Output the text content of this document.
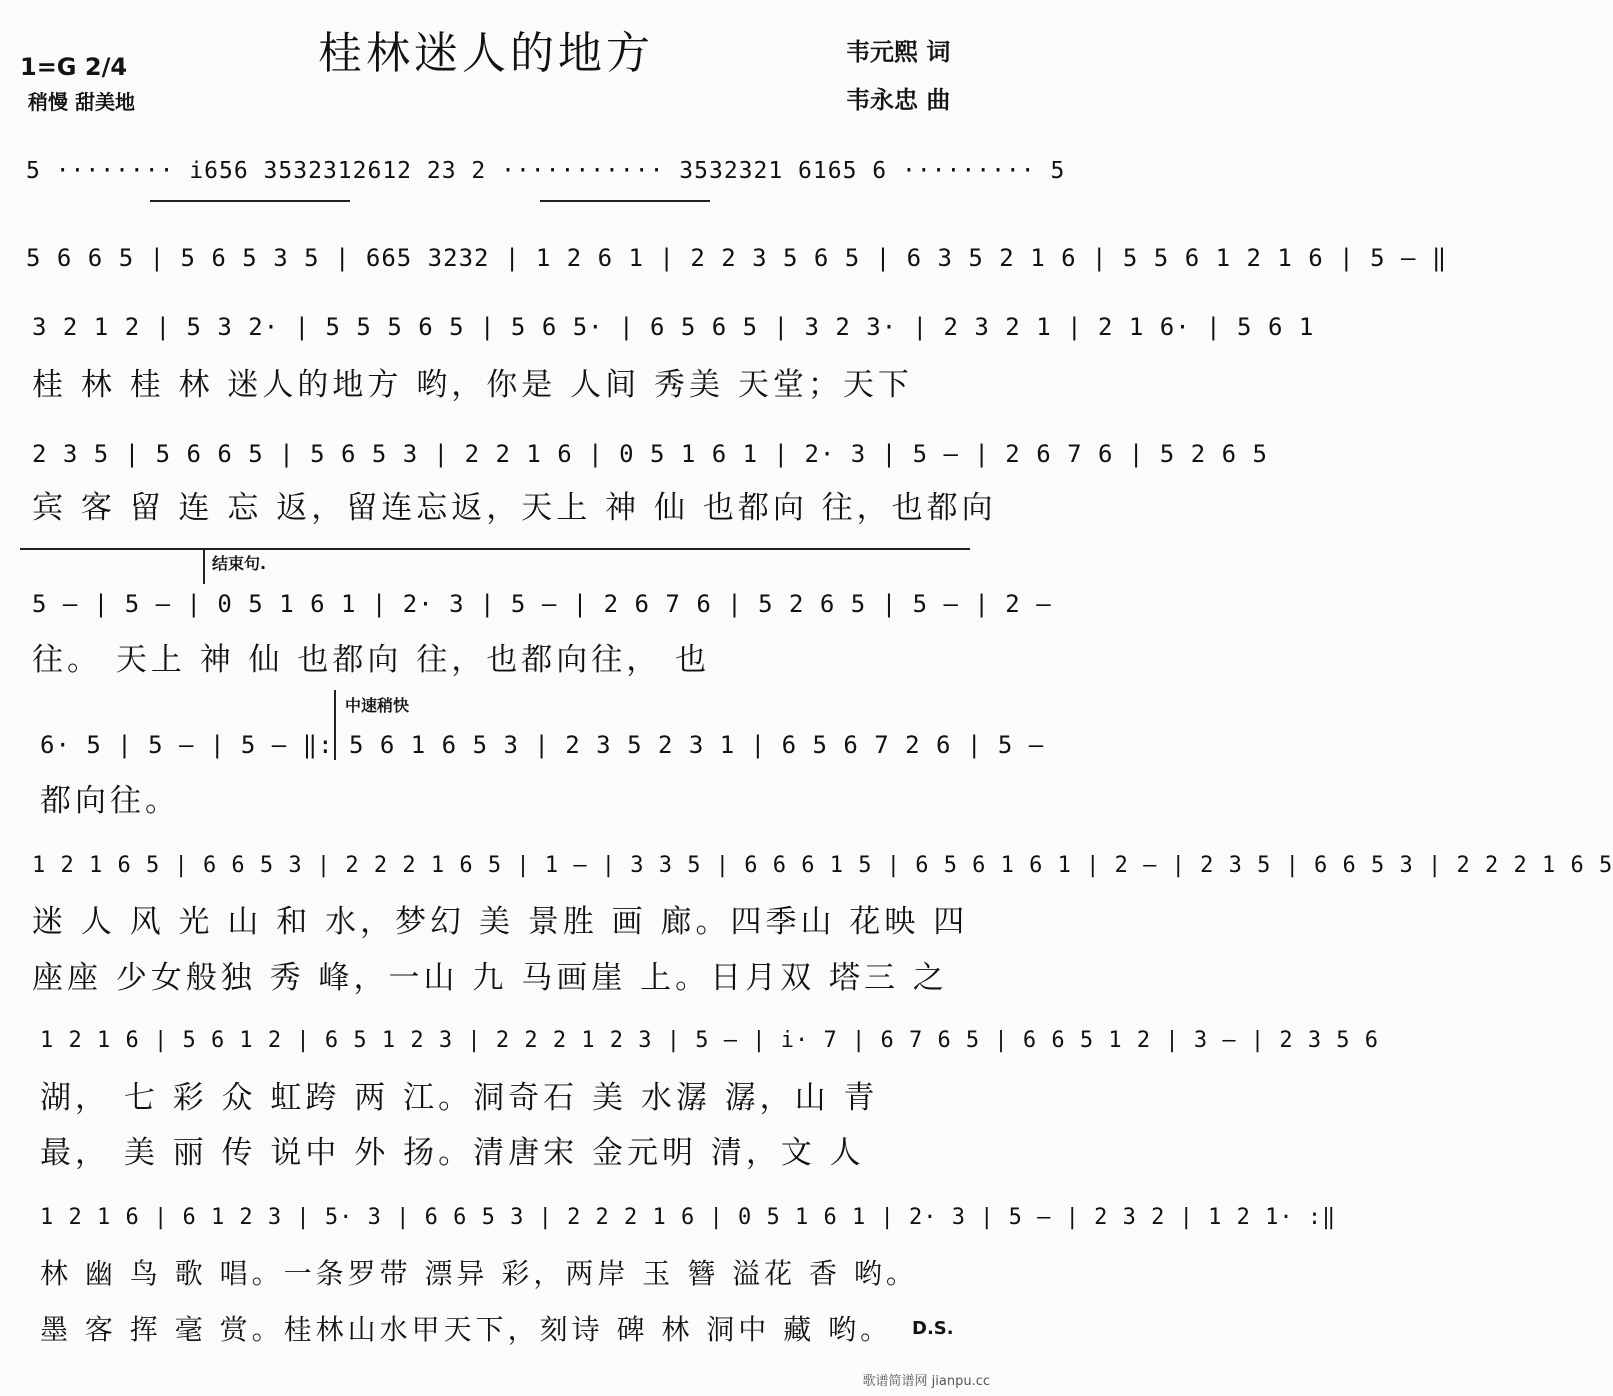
1=G 2/4
稍慢 甜美地
桂林迷人的地方	韦元熙 词
韦永忠 曲
5 ········ i656 3532312612 23 2 ··········· 3532321 6165 6 ········· 5
5 6 6 5 | 5 6 5 3 5 | 665 3232 | 1 2 6 1 | 2 2 3 5 6 5 | 6 3 5 2 1 6 | 5 5 6 1 2 1 6 | 5 — ‖
3 2 1 2 | 5 3 2· | 5 5 5 6 5 | 5 6 5· | 6 5 6 5 | 3 2 3· | 2 3 2 1 | 2 1 6· | 5 6 1
桂 林 桂 林 迷人的地方 哟，你是 人间 秀美 天堂；天下
2 3 5 | 5 6 6 5 | 5 6 5 3 | 2 2 1 6 | 0 5 1 6 1 | 2· 3 | 5 — | 2 6 7 6 | 5 2 6 5
宾 客 留 连 忘 返，留连忘返，天上 神 仙 也都向 往，也都向
结束句.
5 — | 5 — | 0 5 1 6 1 | 2· 3 | 5 — | 2 6 7 6 | 5 2 6 5 | 5 — | 2 —
往。 天上 神 仙 也都向 往，也都向往， 也
中速稍快
6· 5 | 5 — | 5 — ‖: 5 6 1 6 5 3 | 2 3 5 2 3 1 | 6 5 6 7 2 6 | 5 —
都向往。
1 2 1 6 5 | 6 6 5 3 | 2 2 2 1 6 5 | 1 — | 3 3 5 | 6 6 6 1 5 | 6 5 6 1 6 1 | 2 — | 2 3 5 | 6 6 5 3 | 2 2 2 1 6 5
迷 人 风 光 山 和 水，梦幻 美 景胜 画 廊。四季山 花映 四
座座 少女般独 秀 峰，一山 九 马画崖 上。日月双 塔三 之
1 2 1 6 | 5 6 1 2 | 6 5 1 2 3 | 2 2 2 1 2 3 | 5 — | i· 7 | 6 7 6 5 | 6 6 5 1 2 | 3 — | 2 3 5 6
湖， 七 彩 众 虹跨 两 江。洞奇石 美 水潺 潺，山 青
最， 美 丽 传 说中 外 扬。清唐宋 金元明 清，文 人
1 2 1 6 | 6 1 2 3 | 5· 3 | 6 6 5 3 | 2 2 2 1 6 | 0 5 1 6 1 | 2· 3 | 5 — | 2 3 2 | 1 2 1· :‖
林 幽 鸟 歌 唱。一条罗带 漂异 彩，两岸 玉 簪 溢花 香 哟。
墨 客 挥 毫 赏。桂林山水甲天下，刻诗 碑 林 洞中 藏 哟。 D.S.
歌谱简谱网 jianpu.cc
